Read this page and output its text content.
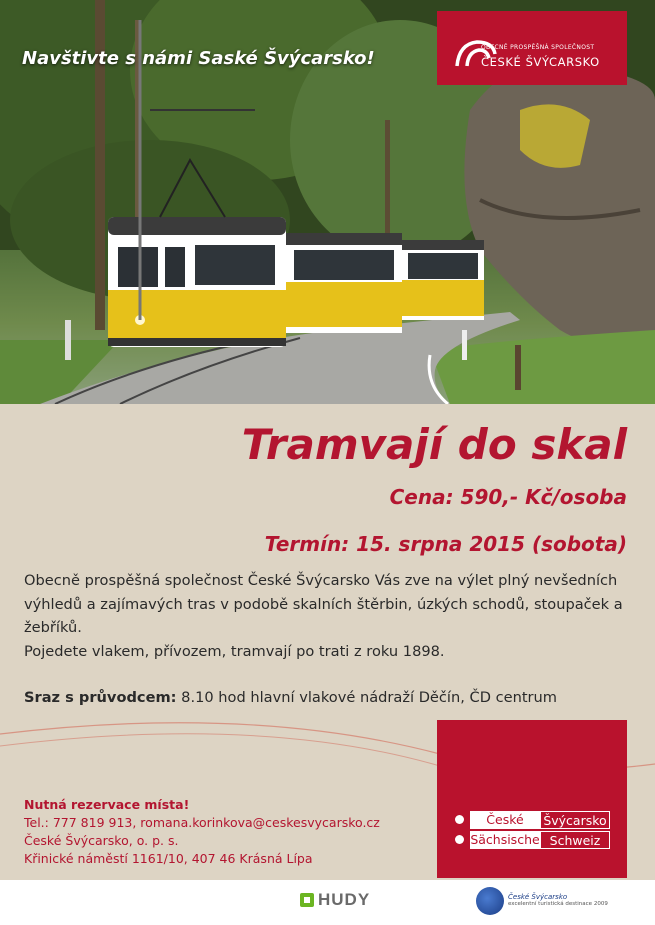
Navštivte s námi Saské Švýcarsko!
OBECNĚ PROSPĚŠNÁ SPOLEČNOST
ČESKÉ ŠVÝCARSKO
Tramvají do skal
Cena: 590,- Kč/osoba
Termín: 15. srpna 2015 (sobota)

Obecně prospěšná společnost České Švýcarsko Vás zve na výlet plný nevšedních výhledů a zajímavých tras v podobě skalních štěrbin, úzkých schodů, stoupaček a žebříků.

Pojedete vlakem, přívozem, tramvají po trati z roku 1898.

Sraz s průvodcem: 8.10 hod hlavní vlakové nádraží Děčín, ČD centrum
Nutná rezervace místa!
Tel.: 777 819 913, romana.korinkova@ceskesvycarsko.cz
České Švýcarsko, o. p. s.
Křinické náměstí 1161/10, 407 46 Krásná Lípa
České	Švýcarsko
Sächsische Schweiz
HUDY	České Švýcarsko
excelentní turistická destinace 2009
